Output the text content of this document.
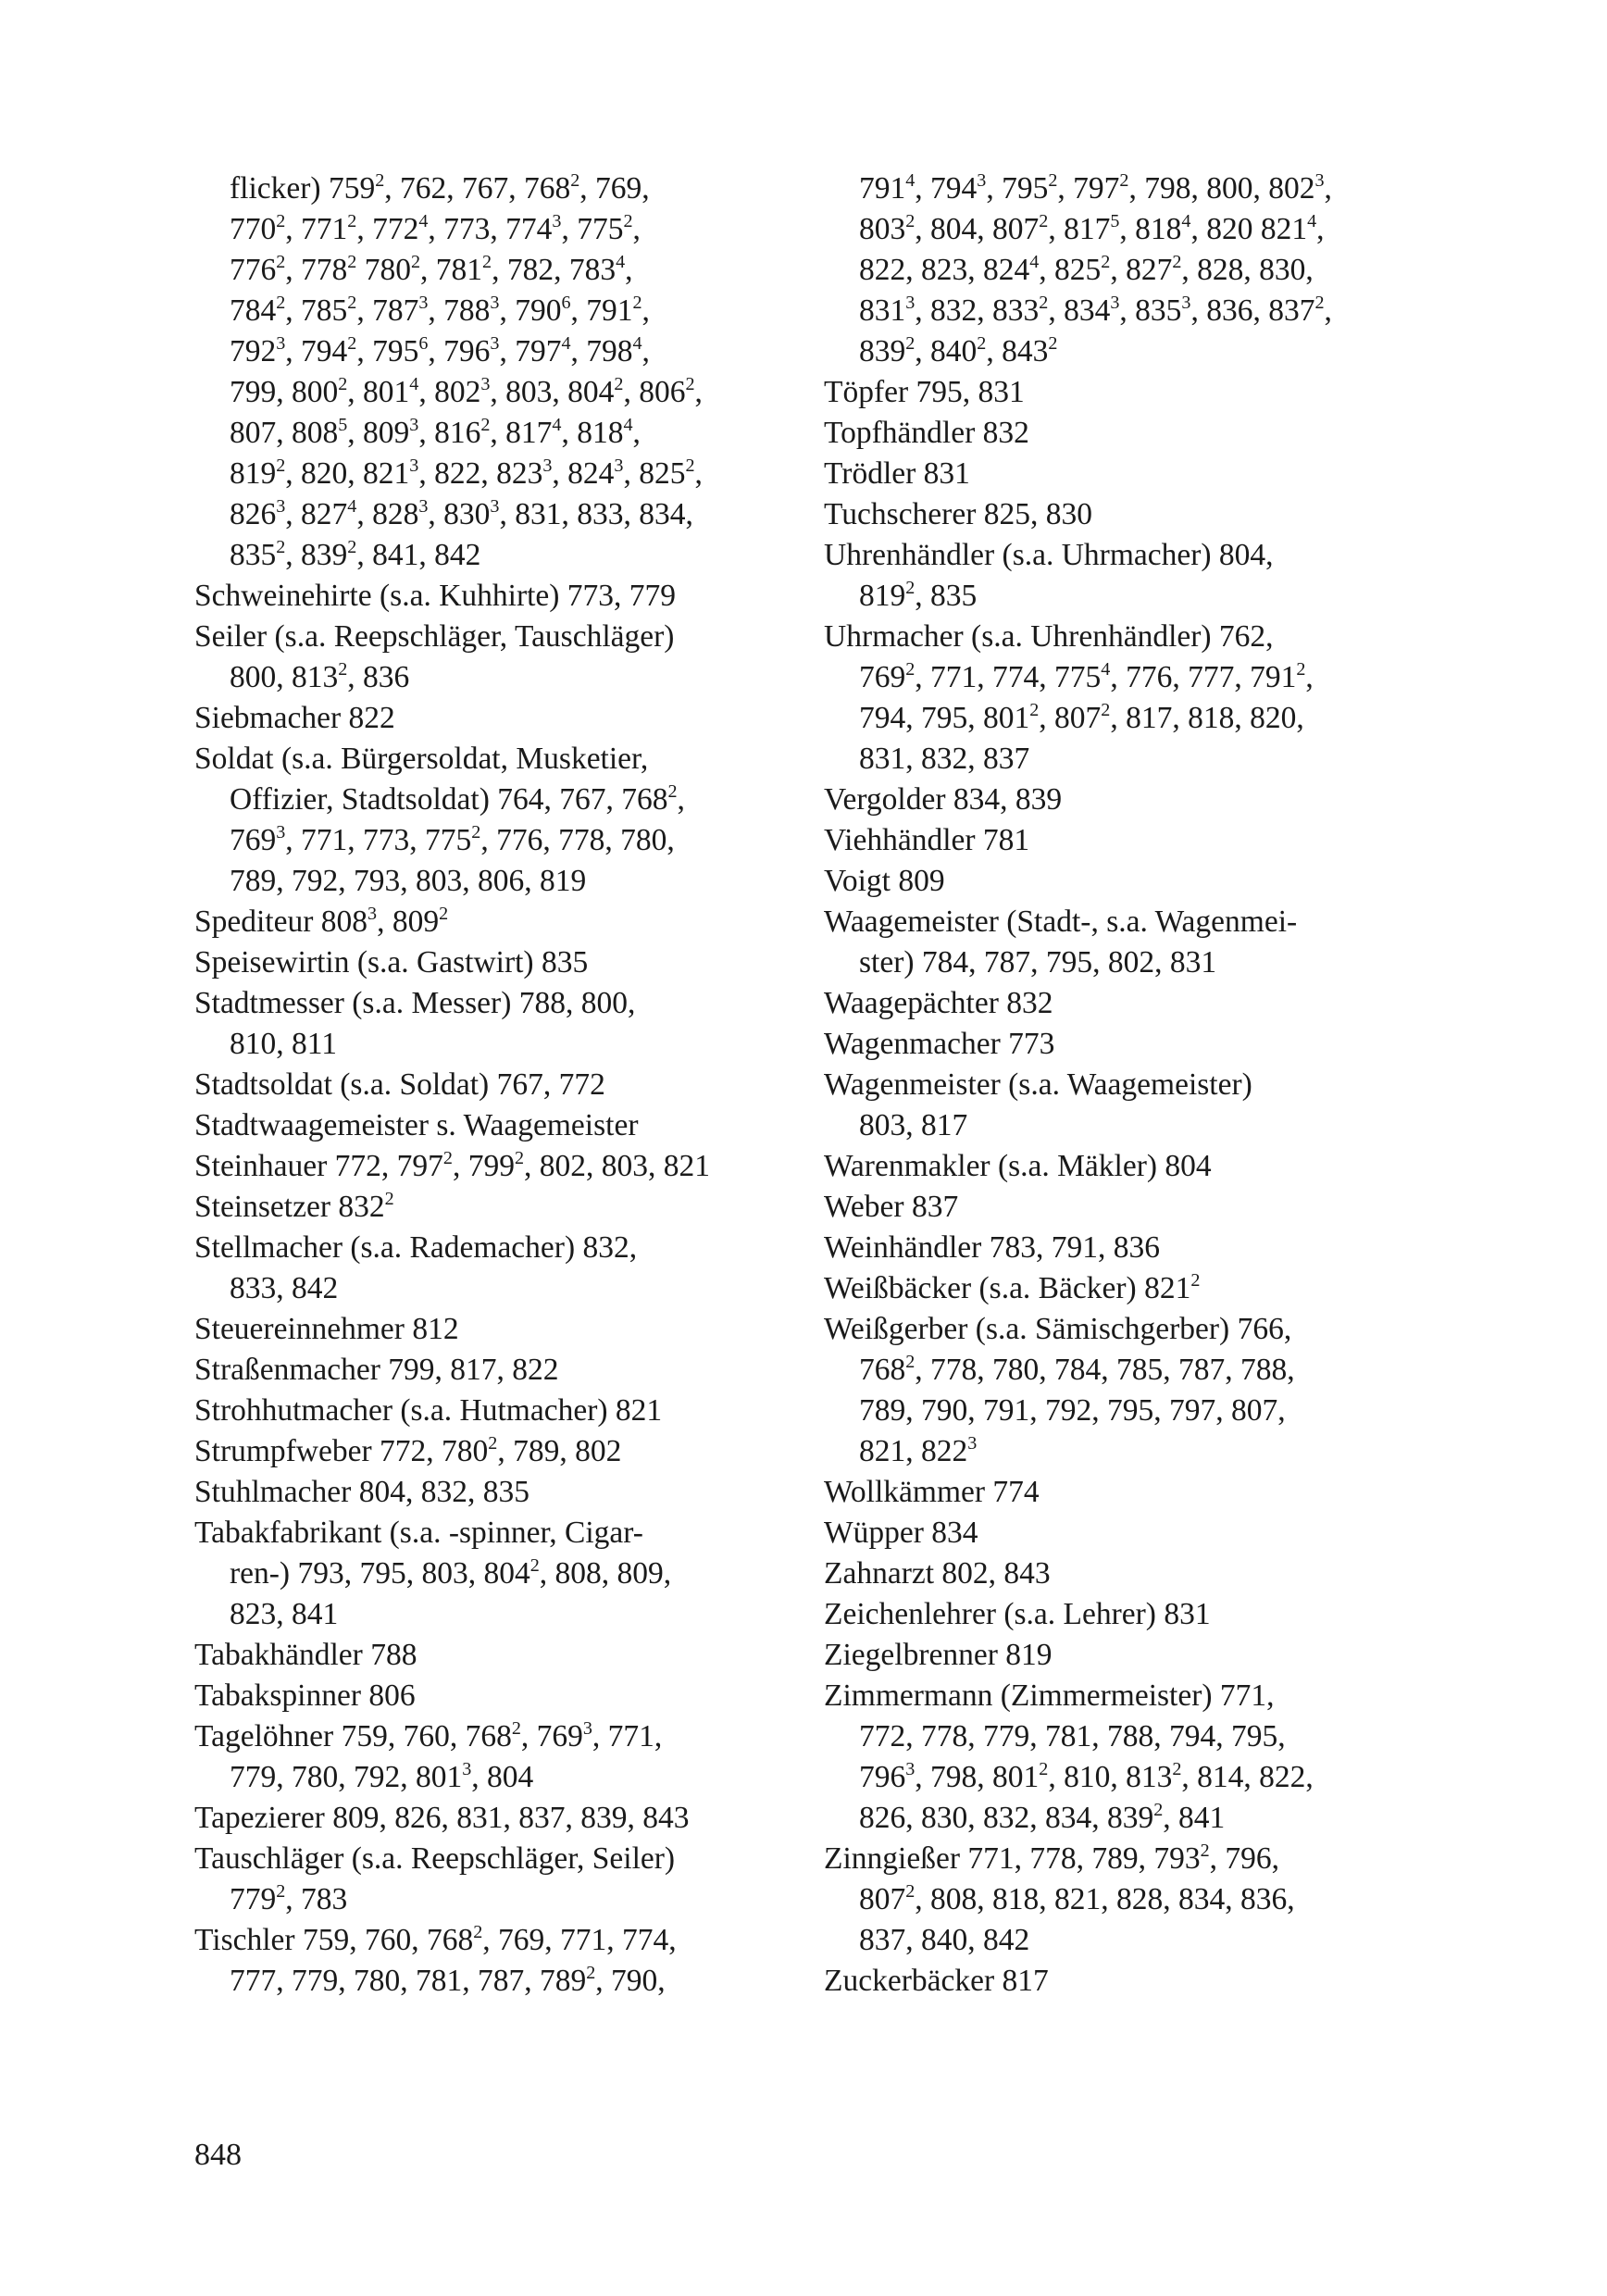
flicker) $759^2$, 762, 767, $768^2$, 769,
$770^2$, $771^2$, $772^4$, 773, $774^3$, $775^2$,
$776^2$, $778^2$ $780^2$, $781^2$, 782, $783^4$,
$784^2$, $785^2$, $787^3$, $788^3$, $790^6$, $791^2$,
$792^3$, $794^2$, $795^6$, $796^3$, $797^4$, $798^4$,
799, $800^2$, $801^4$, $802^3$, 803, $804^2$, $806^2$,
807, $808^5$, $809^3$, $816^2$, $817^4$, $818^4$,
$819^2$, 820, $821^3$, 822, $823^3$, $824^3$, $825^2$,
$826^3$, $827^4$, $828^3$, $830^3$, 831, 833, 834,
$835^2$, $839^2$, 841, 842
Schweinehirte (s.a. Kuhhirte) 773, 779
Seiler (s.a. Reepschläger, Tauschläger)
800, $813^2$, 836
Siebmacher 822
Soldat (s.a. Bürgersoldat, Musketier,
Offizier, Stadtsoldat) 764, 767, $768^2$,
$769^3$, 771, 773, $775^2$, 776, 778, 780,
789, 792, 793, 803, 806, 819
Spediteur $808^3$, $809^2$
Speisewirtin (s.a. Gastwirt) 835
Stadtmesser (s.a. Messer) 788, 800,
810, 811
Stadtsoldat (s.a. Soldat) 767, 772
Stadtwaagemeister s. Waagemeister
Steinhauer 772, $797^2$, $799^2$, 802, 803, 821
Steinsetzer $832^2$
Stellmacher (s.a. Rademacher) 832,
833, 842
Steuereinnehmer 812
Straßenmacher 799, 817, 822
Strohhutmacher (s.a. Hutmacher) 821
Strumpfweber 772, $780^2$, 789, 802
Stuhlmacher 804, 832, 835
Tabakfabrikant (s.a. -spinner, Cigar-
ren-) 793, 795, 803, $804^2$, 808, 809,
823, 841
Tabakhändler 788
Tabakspinner 806
Tagelöhner 759, 760, $768^2$, $769^3$, 771,
779, 780, 792, $801^3$, 804
Tapezierer 809, 826, 831, 837, 839, 843
Tauschläger (s.a. Reepschläger, Seiler)
$779^2$, 783
Tischler 759, 760, $768^2$, 769, 771, 774,
777, 779, 780, 781, 787, $789^2$, 790,
$791^4$, $794^3$, $795^2$, $797^2$, 798, 800, $802^3$,
$803^2$, 804, $807^2$, $817^5$, $818^4$, 820 $821^4$,
822, 823, $824^4$, $825^2$, $827^2$, 828, 830,
$831^3$, 832, $833^2$, $834^3$, $835^3$, 836, $837^2$,
$839^2$, $840^2$, $843^2$
Töpfer 795, 831
Topfhändler 832
Trödler 831
Tuchscherer 825, 830
Uhrenhändler (s.a. Uhrmacher) 804,
$819^2$, 835
Uhrmacher (s.a. Uhrenhändler) 762,
$769^2$, 771, 774, $775^4$, 776, 777, $791^2$,
794, 795, $801^2$, $807^2$, 817, 818, 820,
831, 832, 837
Vergolder 834, 839
Viehhändler 781
Voigt 809
Waagemeister (Stadt-, s.a. Wagenmei-
ster) 784, 787, 795, 802, 831
Waagepächter 832
Wagenmacher 773
Wagenmeister (s.a. Waagemeister)
803, 817
Warenmakler (s.a. Mäkler) 804
Weber 837
Weinhändler 783, 791, 836
Weißbäcker (s.a. Bäcker) $821^2$
Weißgerber (s.a. Sämischgerber) 766,
$768^2$, 778, 780, 784, 785, 787, 788,
789, 790, 791, 792, 795, 797, 807,
821, $822^3$
Wollkämmer 774
Wüpper 834
Zahnarzt 802, 843
Zeichenlehrer (s.a. Lehrer) 831
Ziegelbrenner 819
Zimmermann (Zimmermeister) 771,
772, 778, 779, 781, 788, 794, 795,
$796^3$, 798, $801^2$, 810, $813^2$, 814, 822,
826, 830, 832, 834, $839^2$, 841
Zinngießer 771, 778, 789, $793^2$, 796,
$807^2$, 808, 818, 821, 828, 834, 836,
837, 840, 842
Zuckerbäcker 817
848
